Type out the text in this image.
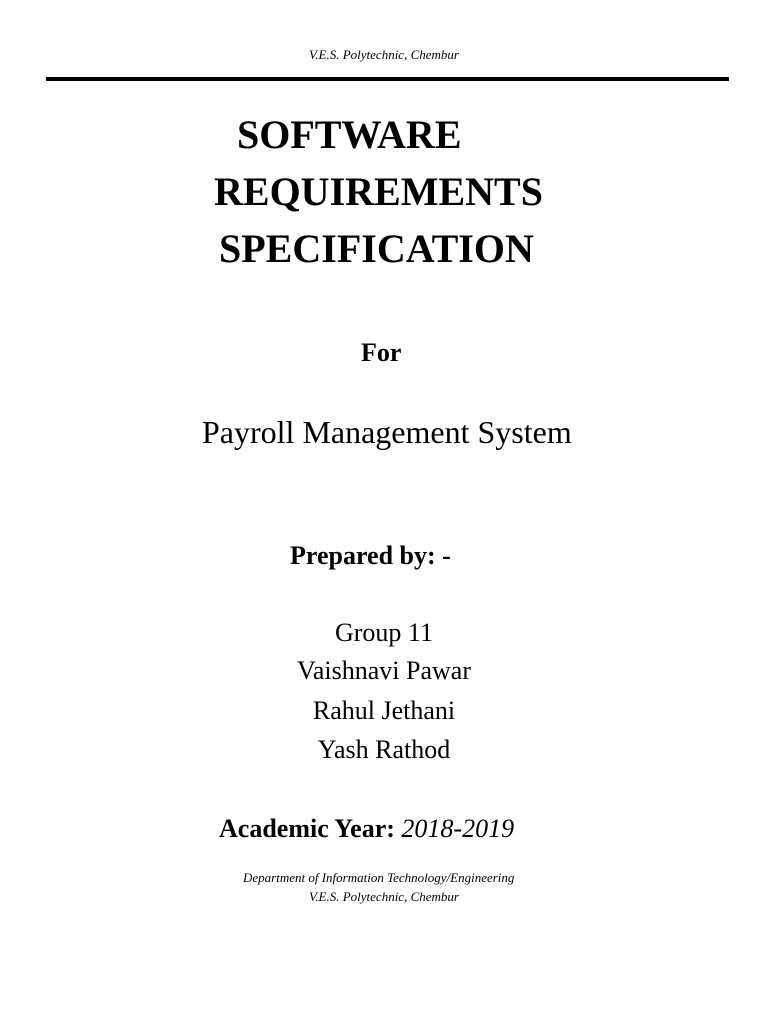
V.E.S. Polytechnic, Chembur
SOFTWARE
REQUIREMENTS
SPECIFICATION
For
Payroll Management System
Prepared by: -
Group 11
Vaishnavi Pawar
Rahul Jethani
Yash Rathod
Academic Year: 2018-2019
Department of Information Technology/Engineering
V.E.S. Polytechnic, Chembur
